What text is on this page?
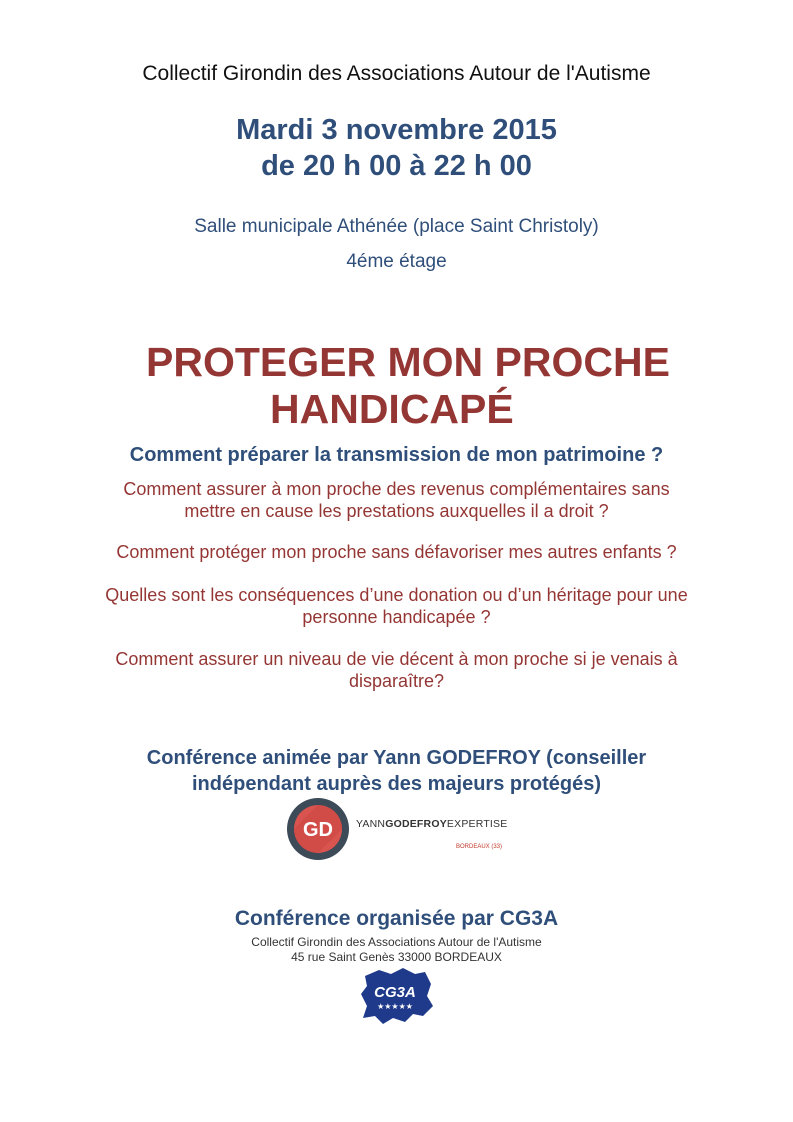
Collectif Girondin des Associations Autour de l'Autisme

Mardi 3 novembre 2015
de 20 h 00 à 22 h 00

Salle municipale Athénée (place Saint Christoly)

4éme étage

PROTEGER MON PROCHE
HANDICAPÉ

Comment préparer la transmission de mon patrimoine ?

Comment assurer à mon proche des revenus complémentaires sans
mettre en cause les prestations auxquelles il a droit ?
Comment protéger mon proche sans défavoriser mes autres enfants ?
Quelles sont les conséquences d’une donation ou d’un héritage pour une
personne handicapée ?
Comment assurer un niveau de vie décent à mon proche si je venais à
disparaître?
Conférence animée par Yann GODEFROY (conseiller
indépendant auprès des majeurs protégés)
GD YANNGODEFROYEXPERTISE
BORDEAUX (33)

Conférence organisée par CG3A

Collectif Girondin des Associations Autour de l'Autisme

45 rue Saint Genès 33000 BORDEAUX

CG3A
★★★★★
